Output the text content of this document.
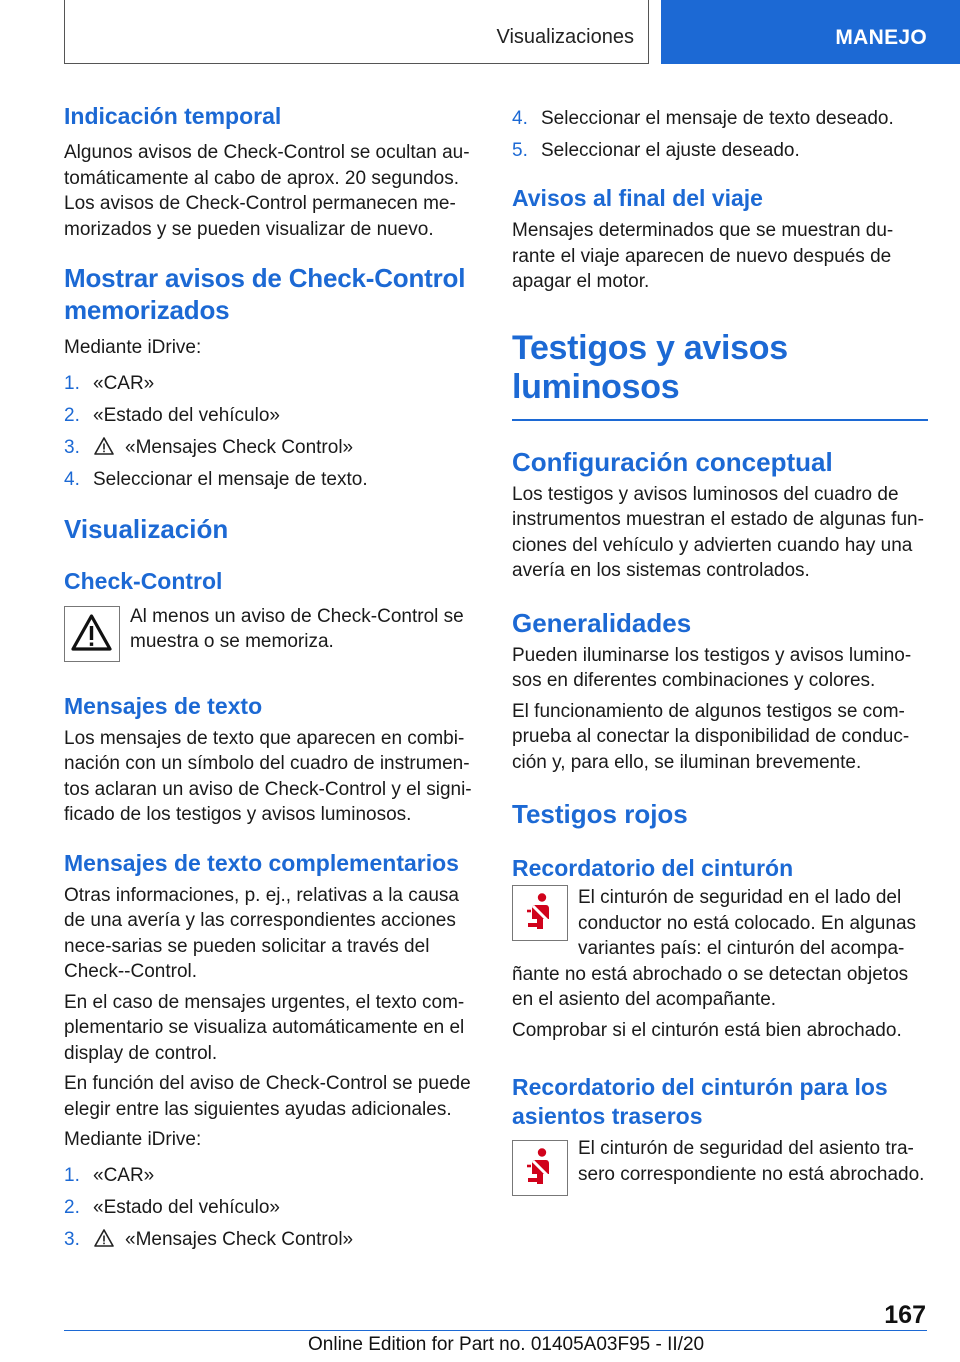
Visualizaciones	MANEJO
Indicación temporal

Algunos avisos de Check-Control se ocultan au-tomáticamente al cabo de aprox. 20 segundos.

Los avisos de Check-Control permanecen me-morizados y se pueden visualizar de nuevo.

Mostrar avisos de Check-Control memorizados

Mediante iDrive:

1. «CAR»
2. «Estado del vehículo»
3. «Mensajes Check Control»
4. Seleccionar el mensaje de texto.
Visualización
Check-Control

Al menos un aviso de Check-Control se muestra o se memoriza.

Mensajes de texto

Los mensajes de texto que aparecen en combi-nación con un símbolo del cuadro de instrumen-tos aclaran un aviso de Check-Control y el signi-ficado de los testigos y avisos luminosos.

Mensajes de texto complementarios

Otras informaciones, p. ej., relativas a la causa de una avería y las correspondientes acciones nece-sarias se pueden solicitar a través del Check--Control.

En el caso de mensajes urgentes, el texto com-plementario se visualiza automáticamente en el display de control.

En función del aviso de Check-Control se puede elegir entre las siguientes ayudas adicionales.

Mediante iDrive:

1. «CAR»
2. «Estado del vehículo»
3. «Mensajes Check Control»
4. Seleccionar el mensaje de texto deseado.
5. Seleccionar el ajuste deseado.
Avisos al final del viaje

Mensajes determinados que se muestran du-rante el viaje aparecen de nuevo después de apagar el motor.

Testigos y avisos luminosos
Configuración conceptual

Los testigos y avisos luminosos del cuadro de instrumentos muestran el estado de algunas fun-ciones del vehículo y advierten cuando hay una avería en los sistemas controlados.

Generalidades

Pueden iluminarse los testigos y avisos lumino-sos en diferentes combinaciones y colores.

El funcionamiento de algunos testigos se com-prueba al conectar la disponibilidad de conduc-ción y, para ello, se iluminan brevemente.

Testigos rojos
Recordatorio del cinturón

El cinturón de seguridad en el lado del conductor no está colocado. En algunas variantes país: el cinturón del acompa-ñante no está abrochado o se detectan objetos en el asiento del acompañante.

Comprobar si el cinturón está bien abrochado.

Recordatorio del cinturón para los asientos traseros

El cinturón de seguridad del asiento tra-sero correspondiente no está abrochado.

167
Online Edition for Part no. 01405A03F95 - II/20
